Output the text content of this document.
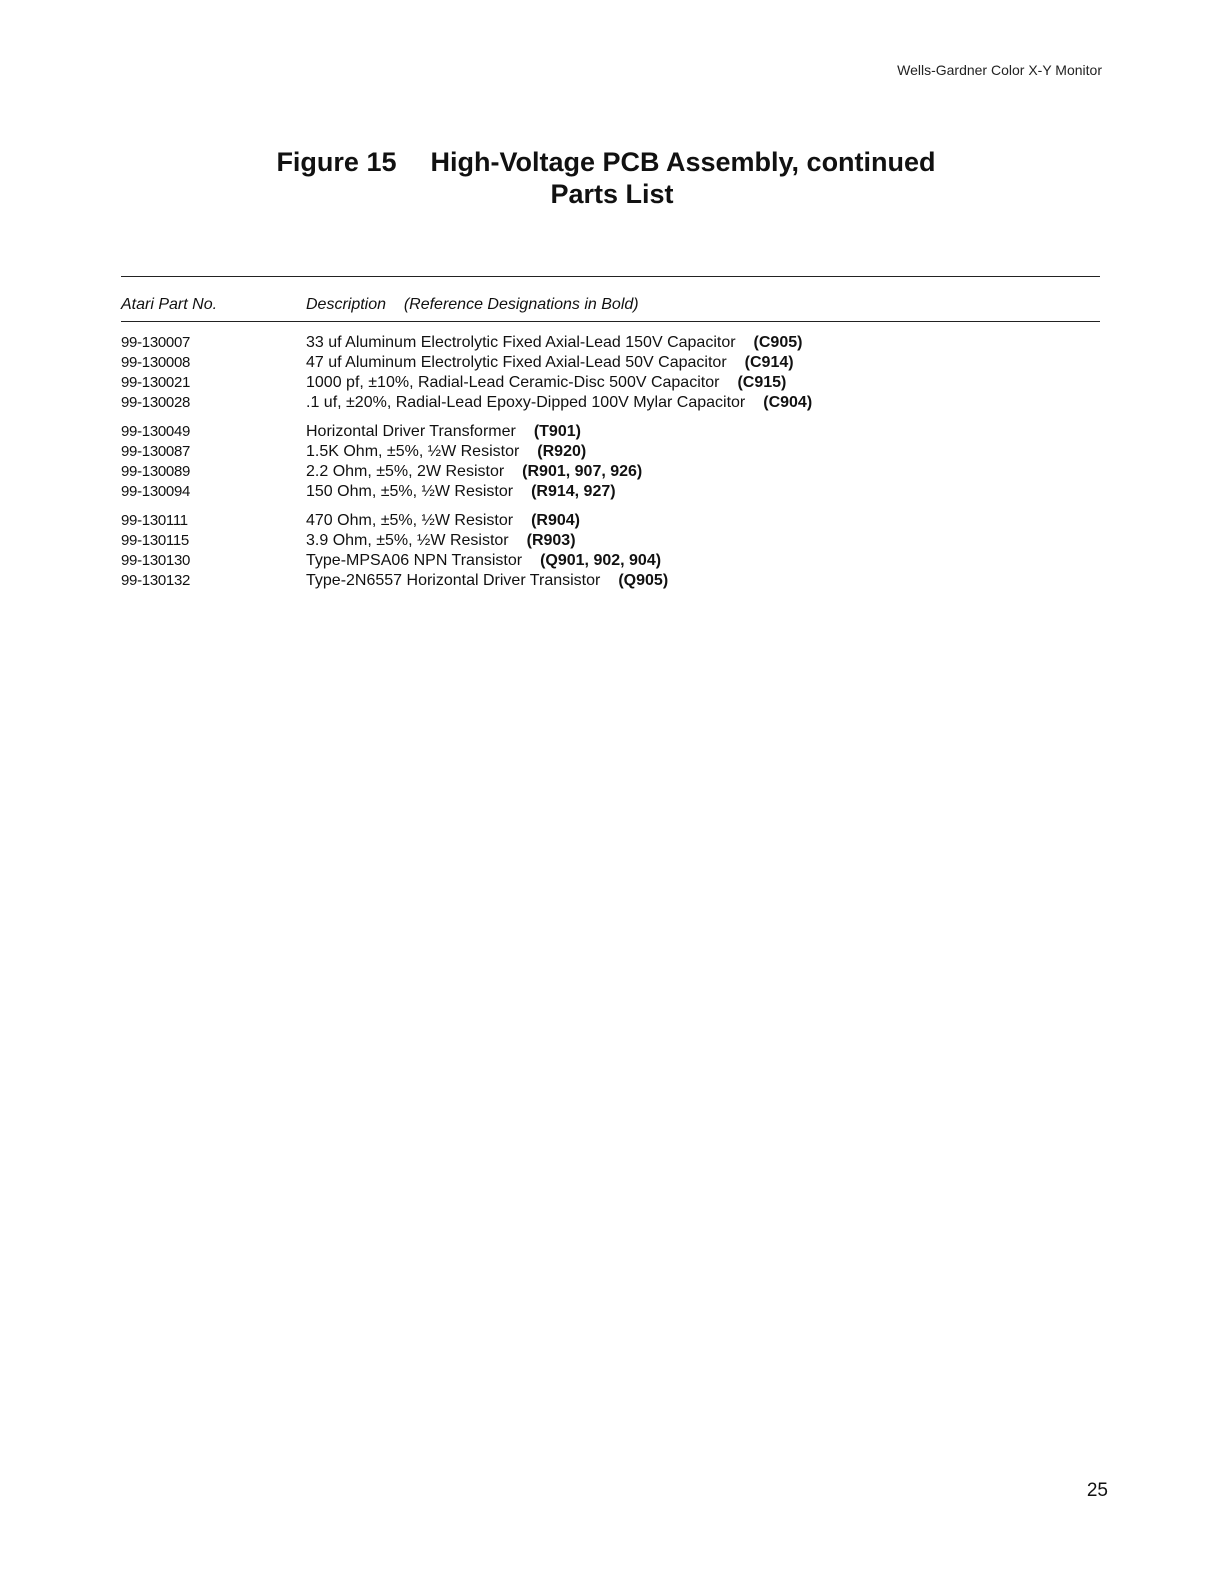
Wells-Gardner Color X-Y Monitor
Figure 15 High-Voltage PCB Assembly, continued
Parts List
Atari Part No.	Description    (Reference Designations in Bold)
99-130007	33 uf Aluminum Electrolytic Fixed Axial-Lead 150V Capacitor (C905)
99-130008	47 uf Aluminum Electrolytic Fixed Axial-Lead 50V Capacitor (C914)
99-130021	1000 pf, ±10%, Radial-Lead Ceramic-Disc 500V Capacitor (C915)
99-130028	.1 uf, ±20%, Radial-Lead Epoxy-Dipped 100V Mylar Capacitor (C904)
99-130049	Horizontal Driver Transformer (T901)
99-130087	1.5K Ohm, ±5%, ½W Resistor (R920)
99-130089	2.2 Ohm, ±5%, 2W Resistor (R901, 907, 926)
99-130094	150 Ohm, ±5%, ½W Resistor (R914, 927)
99-130111	470 Ohm, ±5%, ½W Resistor (R904)
99-130115	3.9 Ohm, ±5%, ½W Resistor (R903)
99-130130	Type-MPSA06 NPN Transistor (Q901, 902, 904)
99-130132	Type-2N6557 Horizontal Driver Transistor (Q905)
25
